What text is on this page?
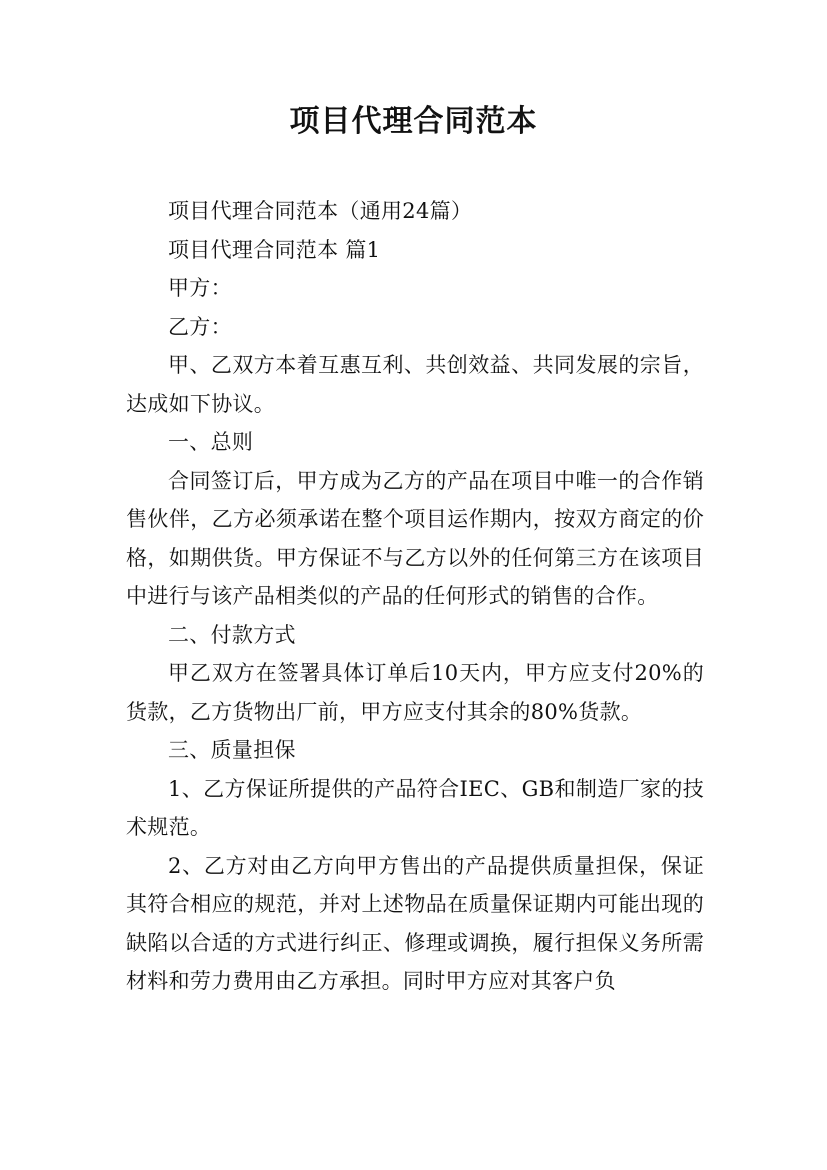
项目代理合同范本

项目代理合同范本（通用24篇）

项目代理合同范本 篇1

甲方：

乙方：

甲、乙双方本着互惠互利、共创效益、共同发展的宗旨，达成如下协议。

一、总则

合同签订后，甲方成为乙方的产品在项目中唯一的合作销售伙伴，乙方必须承诺在整个项目运作期内，按双方商定的价格，如期供货。甲方保证不与乙方以外的任何第三方在该项目中进行与该产品相类似的产品的任何形式的销售的合作。

二、付款方式

甲乙双方在签署具体订单后10天内，甲方应支付20%的货款，乙方货物出厂前，甲方应支付其余的80%货款。

三、质量担保

1、乙方保证所提供的产品符合IEC、GB和制造厂家的技术规范。

2、乙方对由乙方向甲方售出的产品提供质量担保，保证其符合相应的规范，并对上述物品在质量保证期内可能出现的缺陷以合适的方式进行纠正、修理或调换，履行担保义务所需材料和劳力费用由乙方承担。同时甲方应对其客户负
